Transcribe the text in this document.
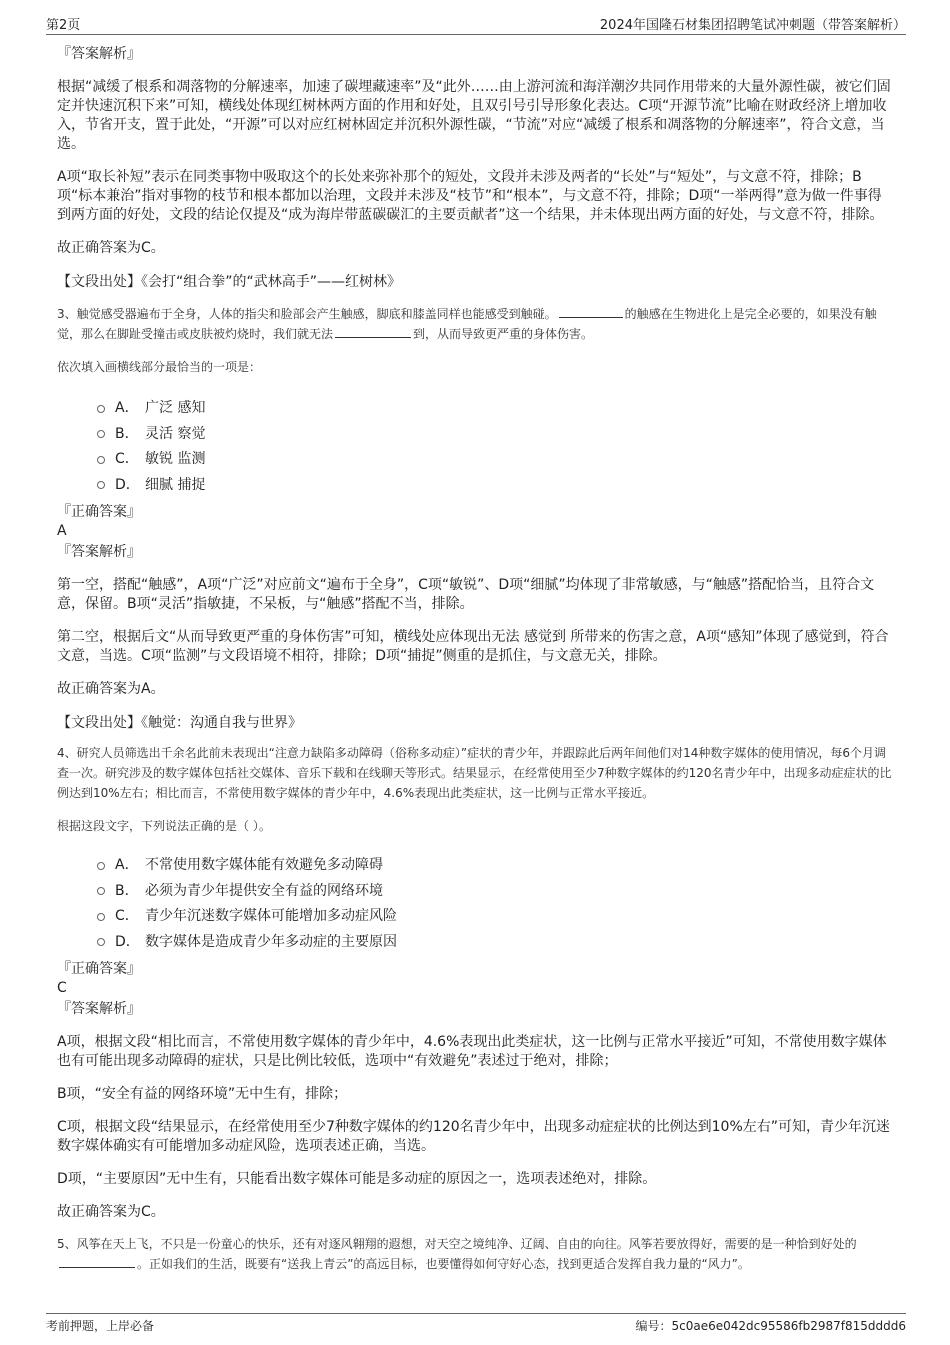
第2页	2024年国隆石材集团招聘笔试冲刺题（带答案解析）

『答案解析』

根据“减缓了根系和凋落物的分解速率，加速了碳埋藏速率”及“此外……由上游河流和海洋潮汐共同作用带来的大量外源性碳，被它们固定并快速沉积下来”可知，横线处体现红树林两方面的作用和好处，且双引号引导形象化表达。C项“开源节流”比喻在财政经济上增加收入，节省开支，置于此处，“开源”可以对应红树林固定并沉积外源性碳，“节流”对应“减缓了根系和凋落物的分解速率”，符合文意，当选。

A项“取长补短”表示在同类事物中吸取这个的长处来弥补那个的短处，文段并未涉及两者的“长处”与“短处”，与文意不符，排除；B项“标本兼治”指对事物的枝节和根本都加以治理，文段并未涉及“枝节”和“根本”，与文意不符，排除；D项“一举两得”意为做一件事得到两方面的好处，文段的结论仅提及“成为海岸带蓝碳碳汇的主要贡献者”这一个结果，并未体现出两方面的好处，与文意不符，排除。

故正确答案为C。

【文段出处】《会打“组合拳”的“武林高手”——红树林》

3、触觉感受器遍布于全身，人体的指尖和脸部会产生触感，脚底和膝盖同样也能感受到触碰。	的触感在生物进化上是完全必要的，如果没有触觉，那么在脚趾受撞击或皮肤被灼烧时，我们就无法	到，从而导致更严重的身体伤害。

依次填入画横线部分最恰当的一项是：

A． 广泛 感知
B． 灵活 察觉
C． 敏锐 监测
D． 细腻 捕捉

『正确答案』

A

『答案解析』

第一空，搭配“触感”，A项“广泛”对应前文“遍布于全身”，C项“敏锐”、D项“细腻”均体现了非常敏感，与“触感”搭配恰当，且符合文意，保留。B项“灵活”指敏捷，不呆板，与“触感”搭配不当，排除。

第二空，根据后文“从而导致更严重的身体伤害”可知，横线处应体现出无法 感觉到 所带来的伤害之意，A项“感知”体现了感觉到，符合文意，当选。C项“监测”与文段语境不相符，排除；D项“捕捉”侧重的是抓住，与文意无关，排除。

故正确答案为A。

【文段出处】《触觉：沟通自我与世界》

4、研究人员筛选出千余名此前未表现出“注意力缺陷多动障碍（俗称多动症）”症状的青少年，并跟踪此后两年间他们对14种数字媒体的使用情况，每6个月调查一次。研究涉及的数字媒体包括社交媒体、音乐下载和在线聊天等形式。结果显示，在经常使用至少7种数字媒体的约120名青少年中，出现多动症症状的比例达到10%左右；相比而言，不常使用数字媒体的青少年中，4.6%表现出此类症状，这一比例与正常水平接近。

根据这段文字，下列说法正确的是（ ）。

A． 不常使用数字媒体能有效避免多动障碍
B． 必须为青少年提供安全有益的网络环境
C． 青少年沉迷数字媒体可能增加多动症风险
D． 数字媒体是造成青少年多动症的主要原因

『正确答案』

C

『答案解析』

A项，根据文段“相比而言，不常使用数字媒体的青少年中，4.6%表现出此类症状，这一比例与正常水平接近”可知，不常使用数字媒体也有可能出现多动障碍的症状，只是比例比较低，选项中“有效避免”表述过于绝对，排除；

B项，“安全有益的网络环境”无中生有，排除；

C项，根据文段“结果显示，在经常使用至少7种数字媒体的约120名青少年中，出现多动症症状的比例达到10%左右”可知，青少年沉迷数字媒体确实有可能增加多动症风险，选项表述正确，当选。

D项，“主要原因”无中生有，只能看出数字媒体可能是多动症的原因之一，选项表述绝对，排除。

故正确答案为C。

5、风筝在天上飞，不只是一份童心的快乐，还有对逐风翱翔的遐想，对天空之境纯净、辽阔、自由的向往。风筝若要放得好，需要的是一种恰到好处的。正如我们的生活，既要有“送我上青云”的高远目标，也要懂得如何守好心态，找到更适合发挥自我力量的“风力”。

考前押题，上岸必备	编号：5c0ae6e042dc95586fb2987f815dddd6
